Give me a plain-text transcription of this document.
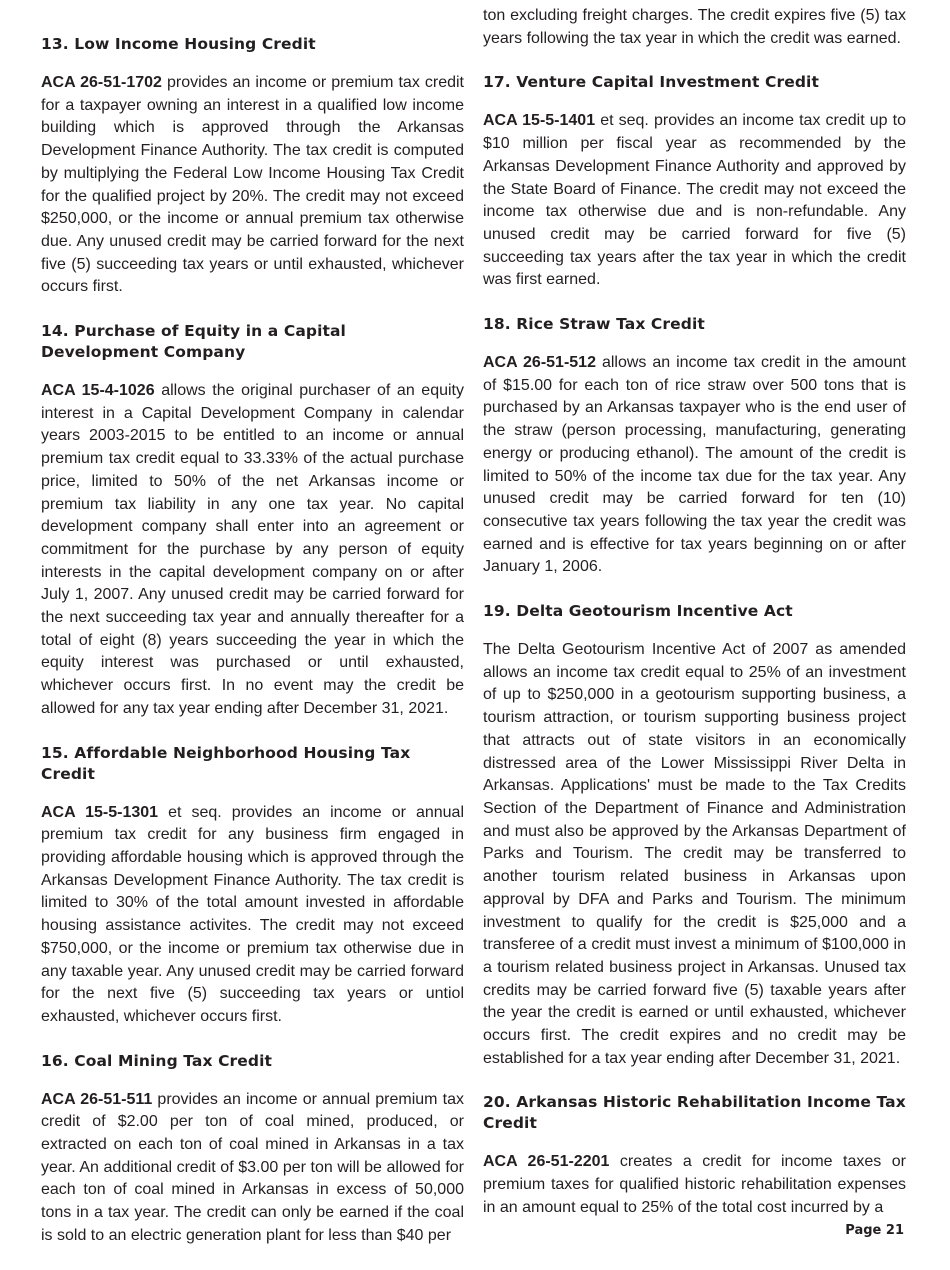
13. Low Income Housing Credit

ACA 26-51-1702 provides an income or premium tax credit for a taxpayer owning an interest in a qualified low income building which is approved through the Arkansas Development Finance Authority. The tax credit is computed by multiplying the Federal Low Income Housing Tax Credit for the qualified project by 20%. The credit may not exceed $250,000, or the income or annual premium tax otherwise due. Any unused credit may be carried forward for the next five (5) succeeding tax years or until exhausted, whichever occurs first.

14. Purchase of Equity in a Capital Development Company

ACA 15-4-1026 allows the original purchaser of an equity interest in a Capital Development Company in calendar years 2003-2015 to be entitled to an income or annual premium tax credit equal to 33.33% of the actual purchase price, limited to 50% of the net Arkansas income or premium tax liability in any one tax year. No capital development company shall enter into an agreement or commitment for the purchase by any person of equity interests in the capital development company on or after July 1, 2007. Any unused credit may be carried forward for the next succeeding tax year and annually thereafter for a total of eight (8) years succeeding the year in which the equity interest was purchased or until exhausted, whichever occurs first. In no event may the credit be allowed for any tax year ending after December 31, 2021.

15. Affordable Neighborhood Housing Tax Credit

ACA 15-5-1301 et seq. provides an income or annual premium tax credit for any business firm engaged in providing affordable housing which is approved through the Arkansas Development Finance Authority. The tax credit is limited to 30% of the total amount invested in affordable housing assistance activites. The credit may not exceed $750,000, or the income or premium tax otherwise due in any taxable year. Any unused credit may be carried forward for the next five (5) succeeding tax years or untiol exhausted, whichever occurs first.

16. Coal Mining Tax Credit

ACA 26-51-511 provides an income or annual premium tax credit of $2.00 per ton of coal mined, produced, or extracted on each ton of coal mined in Arkansas in a tax year. An additional credit of $3.00 per ton will be allowed for each ton of coal mined in Arkansas in excess of 50,000 tons in a tax year. The credit can only be earned if the coal is sold to an electric generation plant for less than $40 per

ton excluding freight charges. The credit expires five (5) tax years following the tax year in which the credit was earned.

17. Venture Capital Investment Credit

ACA 15-5-1401 et seq. provides an income tax credit up to $10 million per fiscal year as recommended by the Arkansas Development Finance Authority and approved by the State Board of Finance. The credit may not exceed the income tax otherwise due and is non-refundable. Any unused credit may be carried forward for five (5) succeeding tax years after the tax year in which the credit was first earned.

18. Rice Straw Tax Credit

ACA 26-51-512 allows an income tax credit in the amount of $15.00 for each ton of rice straw over 500 tons that is purchased by an Arkansas taxpayer who is the end user of the straw (person processing, manufacturing, generating energy or producing ethanol). The amount of the credit is limited to 50% of the income tax due for the tax year. Any unused credit may be carried forward for ten (10) consecutive tax years following the tax year the credit was earned and is effective for tax years beginning on or after January 1, 2006.

19. Delta Geotourism Incentive Act

The Delta Geotourism Incentive Act of 2007 as amended allows an income tax credit equal to 25% of an investment of up to $250,000 in a geotourism supporting business, a tourism attraction, or tourism supporting business project that attracts out of state visitors in an economically distressed area of the Lower Mississippi River Delta in Arkansas. Applications' must be made to the Tax Credits Section of the Department of Finance and Administration and must also be approved by the Arkansas Department of Parks and Tourism. The credit may be transferred to another tourism related business in Arkansas upon approval by DFA and Parks and Tourism. The minimum investment to qualify for the credit is $25,000 and a transferee of a credit must invest a minimum of $100,000 in a tourism related business project in Arkansas. Unused tax credits may be carried forward five (5) taxable years after the year the credit is earned or until exhausted, whichever occurs first. The credit expires and no credit may be established for a tax year ending after December 31, 2021.

20. Arkansas Historic Rehabilitation Income Tax Credit

ACA 26-51-2201 creates a credit for income taxes or premium taxes for qualified historic rehabilitation expenses in an amount equal to 25% of the total cost incurred by a

Page 21
